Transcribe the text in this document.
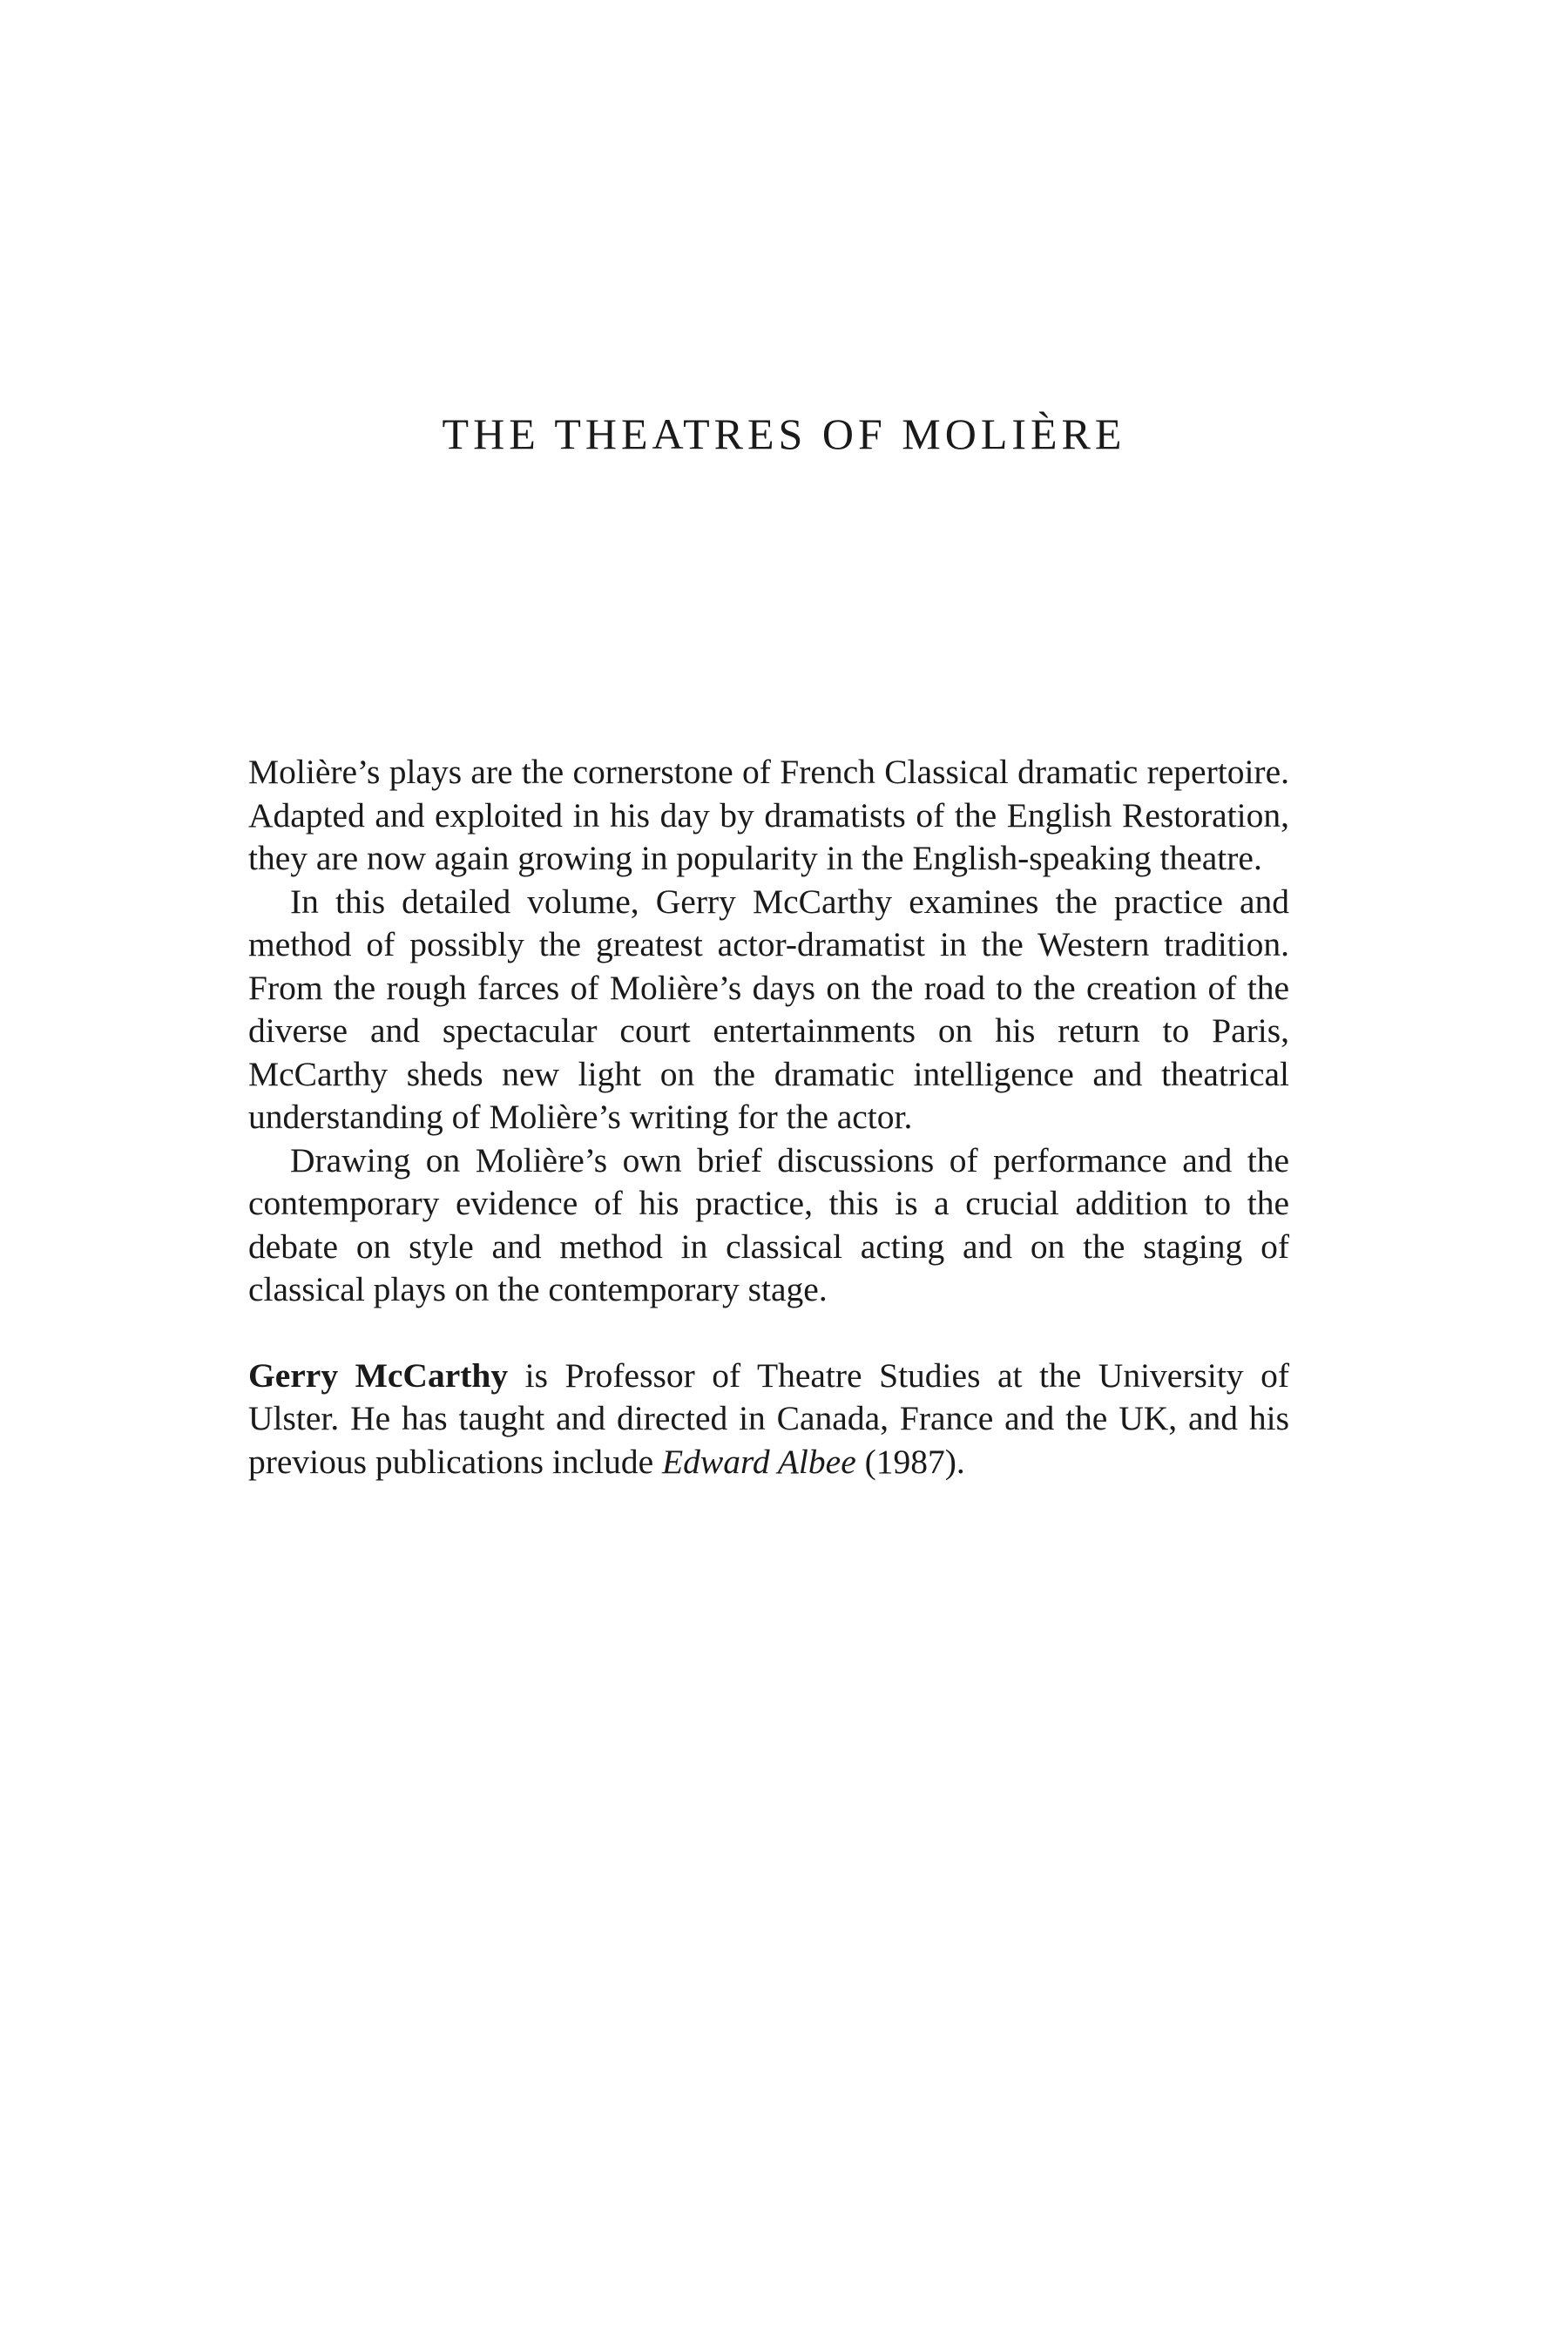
THE THEATRES OF MOLIÈRE

Molière’s plays are the cornerstone of French Classical dramatic repertoire. Adapted and exploited in his day by dramatists of the English Restoration, they are now again growing in popularity in the English-speaking theatre.

In this detailed volume, Gerry McCarthy examines the practice and method of possibly the greatest actor-dramatist in the Western tradition. From the rough farces of Molière’s days on the road to the creation of the diverse and spectacular court entertainments on his return to Paris, McCarthy sheds new light on the dramatic intelligence and theatrical understanding of Molière’s writing for the actor.

Drawing on Molière’s own brief discussions of performance and the contemporary evidence of his practice, this is a crucial addition to the debate on style and method in classical acting and on the staging of classical plays on the contemporary stage.

Gerry McCarthy is Professor of Theatre Studies at the University of Ulster. He has taught and directed in Canada, France and the UK, and his previous publications include Edward Albee (1987).
